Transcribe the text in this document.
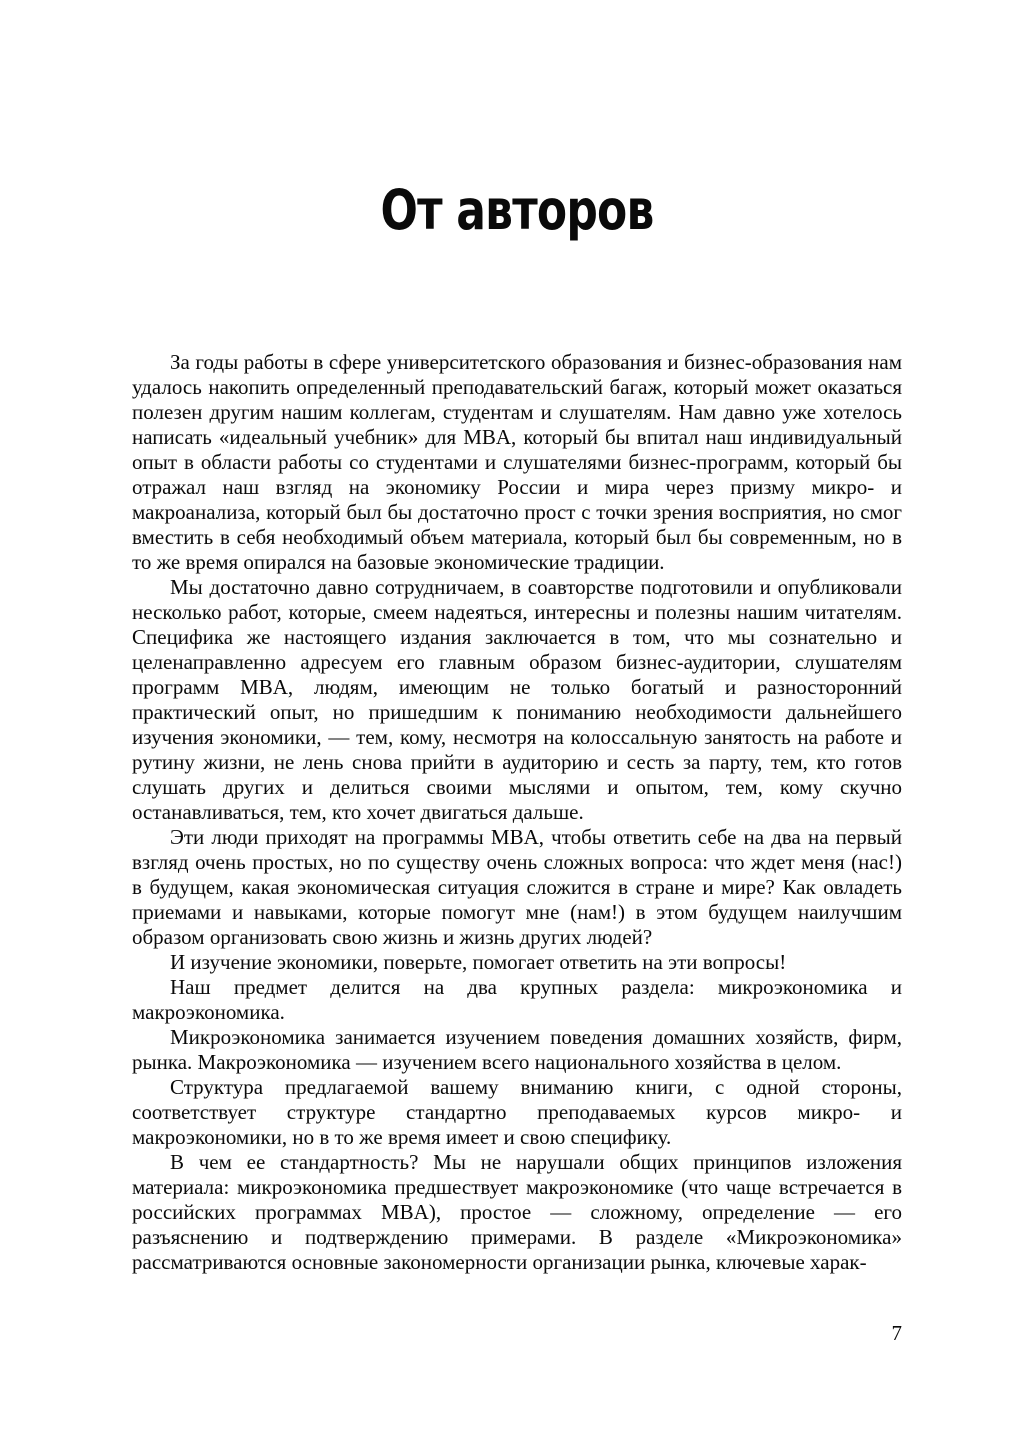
От авторов

За годы работы в сфере университетского образования и бизнес-образования нам удалось накопить определенный преподавательский багаж, который может оказаться полезен другим нашим коллегам, студентам и слушателям. Нам давно уже хотелось написать «идеальный учебник» для MBA, который бы впитал наш индивидуальный опыт в области работы со студентами и слушателями бизнес-программ, который бы отражал наш взгляд на экономику России и мира через призму микро- и макроанализа, который был бы достаточно прост с точки зрения восприятия, но смог вместить в себя необходимый объем материала, который был бы современным, но в то же время опирался на базовые экономические традиции.

Мы достаточно давно сотрудничаем, в соавторстве подготовили и опубликовали несколько работ, которые, смеем надеяться, интересны и полезны нашим читателям. Специфика же настоящего издания заключается в том, что мы сознательно и целенаправленно адресуем его главным образом бизнес-аудитории, слушателям программ MBA, людям, имеющим не только богатый и разносторонний практический опыт, но пришедшим к пониманию необходимости дальнейшего изучения экономики, — тем, кому, несмотря на колоссальную занятость на работе и рутину жизни, не лень снова прийти в аудиторию и сесть за парту, тем, кто готов слушать других и делиться своими мыслями и опытом, тем, кому скучно останавливаться, тем, кто хочет двигаться дальше.

Эти люди приходят на программы MBA, чтобы ответить себе на два на первый взгляд очень простых, но по существу очень сложных вопроса: что ждет меня (нас!) в будущем, какая экономическая ситуация сложится в стране и мире? Как овладеть приемами и навыками, которые помогут мне (нам!) в этом будущем наилучшим образом организовать свою жизнь и жизнь других людей?

И изучение экономики, поверьте, помогает ответить на эти вопросы!

Наш предмет делится на два крупных раздела: микроэкономика и макроэкономика.

Микроэкономика занимается изучением поведения домашних хозяйств, фирм, рынка. Макроэкономика — изучением всего национального хозяйства в целом.

Структура предлагаемой вашему вниманию книги, с одной стороны, соответствует структуре стандартно преподаваемых курсов микро- и макроэкономики, но в то же время имеет и свою специфику.

В чем ее стандартность? Мы не нарушали общих принципов изложения материала: микроэкономика предшествует макроэкономике (что чаще встречается в российских программах MBA), простое — сложному, определение — его разъяснению и подтверждению примерами. В разделе «Микроэкономика» рассматриваются основные закономерности организации рынка, ключевые харак-

7
